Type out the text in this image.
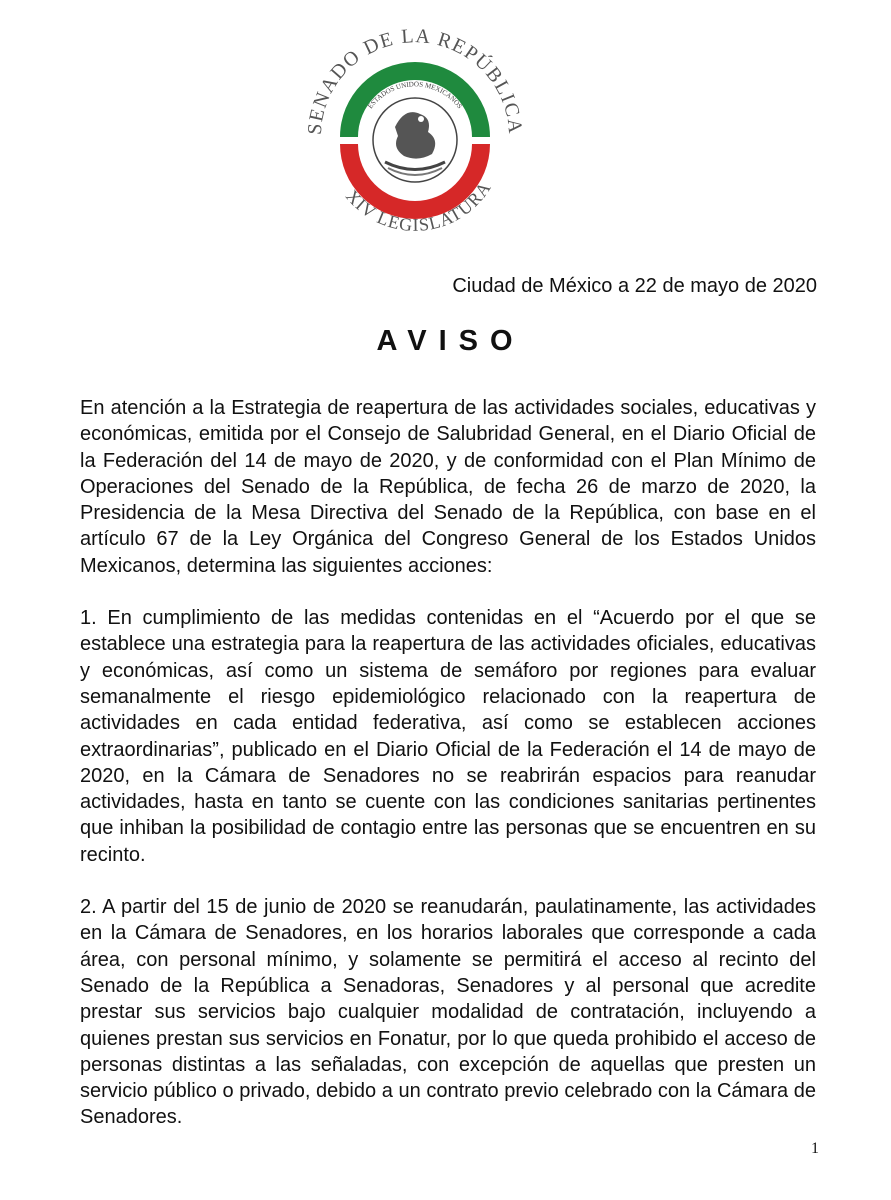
SENADO DE LA REPÚBLICA
ESTADOS UNIDOS MEXICANOS
XIV LEGISLATURA

Ciudad de México a 22 de mayo de 2020

AVISO

En atención a la Estrategia de reapertura de las actividades sociales, educativas y económicas, emitida por el Consejo de Salubridad General, en el Diario Oficial de la Federación del 14 de mayo de 2020, y de conformidad con el Plan Mínimo de Operaciones del Senado de la República, de fecha 26 de marzo de 2020, la Presidencia de la Mesa Directiva del Senado de la República, con base en el artículo 67 de la Ley Orgánica del Congreso General de los Estados Unidos Mexicanos, determina las siguientes acciones:

1. En cumplimiento de las medidas contenidas en el “Acuerdo por el que se establece una estrategia para la reapertura de las actividades oficiales, educativas y económicas, así como un sistema de semáforo por regiones para evaluar semanalmente el riesgo epidemiológico relacionado con la reapertura de actividades en cada entidad federativa, así como se establecen acciones extraordinarias”, publicado en el Diario Oficial de la Federación el 14 de mayo de 2020, en la Cámara de Senadores no se reabrirán espacios para reanudar actividades, hasta en tanto se cuente con las condiciones sanitarias pertinentes que inhiban la posibilidad de contagio entre las personas que se encuentren en su recinto.

2. A partir del 15 de junio de 2020 se reanudarán, paulatinamente, las actividades en la Cámara de Senadores, en los horarios laborales que corresponde a cada área, con personal mínimo, y solamente se permitirá el acceso al recinto del Senado de la República a Senadoras, Senadores y al personal que acredite prestar sus servicios bajo cualquier modalidad de contratación, incluyendo a quienes prestan sus servicios en Fonatur, por lo que queda prohibido el acceso de personas distintas a las señaladas, con excepción de aquellas que presten un servicio público o privado, debido a un contrato previo celebrado con la Cámara de Senadores.

1
